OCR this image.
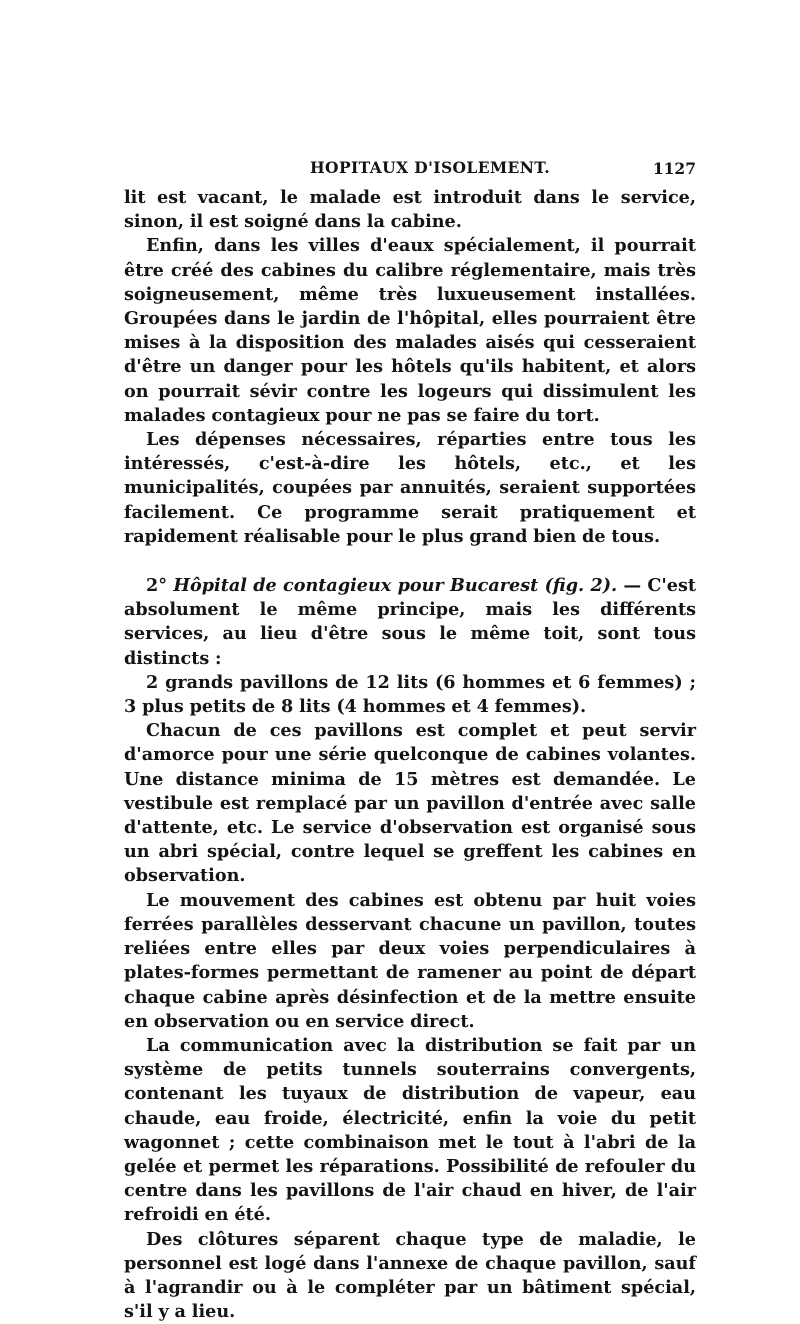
HOPITAUX D'ISOLEMENT.	1127

lit est vacant, le malade est introduit dans le service, sinon, il est soigné dans la cabine.

Enfin, dans les villes d'eaux spécialement, il pourrait être créé des cabines du calibre réglementaire, mais très soigneusement, même très luxueusement installées. Groupées dans le jardin de l'hôpital, elles pourraient être mises à la disposition des malades aisés qui cesseraient d'être un danger pour les hôtels qu'ils habitent, et alors on pourrait sévir contre les logeurs qui dissimulent les malades contagieux pour ne pas se faire du tort.

Les dépenses nécessaires, réparties entre tous les intéressés, c'est-à-dire les hôtels, etc., et les municipalités, coupées par annuités, seraient supportées facilement. Ce programme serait pratiquement et rapidement réalisable pour le plus grand bien de tous.

2° Hôpital de contagieux pour Bucarest (fig. 2). — C'est absolument le même principe, mais les différents services, au lieu d'être sous le même toit, sont tous distincts :

2 grands pavillons de 12 lits (6 hommes et 6 femmes) ; 3 plus petits de 8 lits (4 hommes et 4 femmes).

Chacun de ces pavillons est complet et peut servir d'amorce pour une série quelconque de cabines volantes. Une distance minima de 15 mètres est demandée. Le vestibule est remplacé par un pavillon d'entrée avec salle d'attente, etc. Le service d'observation est organisé sous un abri spécial, contre lequel se greffent les cabines en observation.

Le mouvement des cabines est obtenu par huit voies ferrées parallèles desservant chacune un pavillon, toutes reliées entre elles par deux voies perpendiculaires à plates-formes permettant de ramener au point de départ chaque cabine après désinfection et de la mettre ensuite en observation ou en service direct.

La communication avec la distribution se fait par un système de petits tunnels souterrains convergents, contenant les tuyaux de distribution de vapeur, eau chaude, eau froide, électricité, enfin la voie du petit wagonnet ; cette combinaison met le tout à l'abri de la gelée et permet les réparations. Possibilité de refouler du centre dans les pavillons de l'air chaud en hiver, de l'air refroidi en été.

Des clôtures séparent chaque type de maladie, le personnel est logé dans l'annexe de chaque pavillon, sauf à l'agrandir ou à le compléter par un bâtiment spécial, s'il y a lieu.
